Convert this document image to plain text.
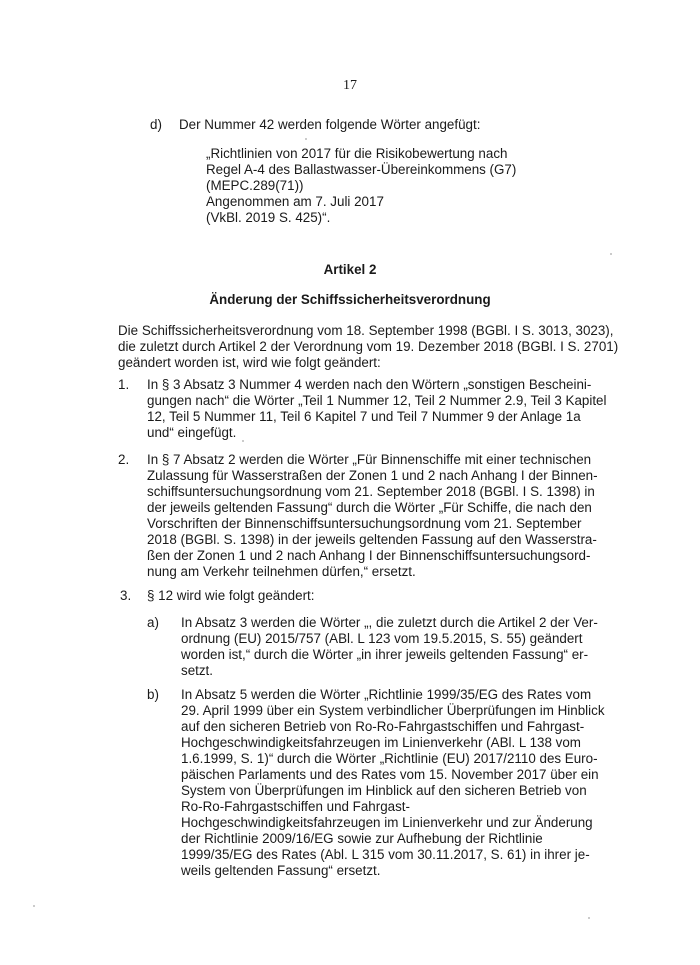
17

d) Der Nummer 42 werden folgende Wörter angefügt:

„Richtlinien von 2017 für die Risikobewertung nach

Regel A-4 des Ballastwasser-Übereinkommens (G7)

(MEPC.289(71))

Angenommen am 7. Juli 2017

(VkBl. 2019 S. 425)“.

Artikel 2

Änderung der Schiffssicherheitsverordnung

Die Schiffssicherheitsverordnung vom 18. September 1998 (BGBl. I S. 3013, 3023),

die zuletzt durch Artikel 2 der Verordnung vom 19. Dezember 2018 (BGBl. I S. 2701)

geändert worden ist, wird wie folgt geändert:

1. In § 3 Absatz 3 Nummer 4 werden nach den Wörtern „sonstigen Bescheini-

gungen nach“ die Wörter „Teil 1 Nummer 12, Teil 2 Nummer 2.9, Teil 3 Kapitel

12, Teil 5 Nummer 11, Teil 6 Kapitel 7 und Teil 7 Nummer 9 der Anlage 1a

und“ eingefügt.

2. In § 7 Absatz 2 werden die Wörter „Für Binnenschiffe mit einer technischen

Zulassung für Wasserstraßen der Zonen 1 und 2 nach Anhang I der Binnen-

schiffsuntersuchungsordnung vom 21. September 2018 (BGBl. I S. 1398) in

der jeweils geltenden Fassung“ durch die Wörter „Für Schiffe, die nach den

Vorschriften der Binnenschiffsuntersuchungsordnung vom 21. September

2018 (BGBl. S. 1398) in der jeweils geltenden Fassung auf den Wasserstra-

ßen der Zonen 1 und 2 nach Anhang I der Binnenschiffsuntersuchungsord-

nung am Verkehr teilnehmen dürfen,“ ersetzt.

3. § 12 wird wie folgt geändert:

a) In Absatz 3 werden die Wörter „, die zuletzt durch die Artikel 2 der Ver-

ordnung (EU) 2015/757 (ABl. L 123 vom 19.5.2015, S. 55) geändert

worden ist,“ durch die Wörter „in ihrer jeweils geltenden Fassung“ er-

setzt.

b) In Absatz 5 werden die Wörter „Richtlinie 1999/35/EG des Rates vom

29. April 1999 über ein System verbindlicher Überprüfungen im Hinblick

auf den sicheren Betrieb von Ro-Ro-Fahrgastschiffen und Fahrgast-

Hochgeschwindigkeitsfahrzeugen im Linienverkehr (ABl. L 138 vom

1.6.1999, S. 1)“ durch die Wörter „Richtlinie (EU) 2017/2110 des Euro-

päischen Parlaments und des Rates vom 15. November 2017 über ein

System von Überprüfungen im Hinblick auf den sicheren Betrieb von

Ro-Ro-Fahrgastschiffen und Fahrgast-

Hochgeschwindigkeitsfahrzeugen im Linienverkehr und zur Änderung

der Richtlinie 2009/16/EG sowie zur Aufhebung der Richtlinie

1999/35/EG des Rates (Abl. L 315 vom 30.11.2017, S. 61) in ihrer je-

weils geltenden Fassung“ ersetzt.
